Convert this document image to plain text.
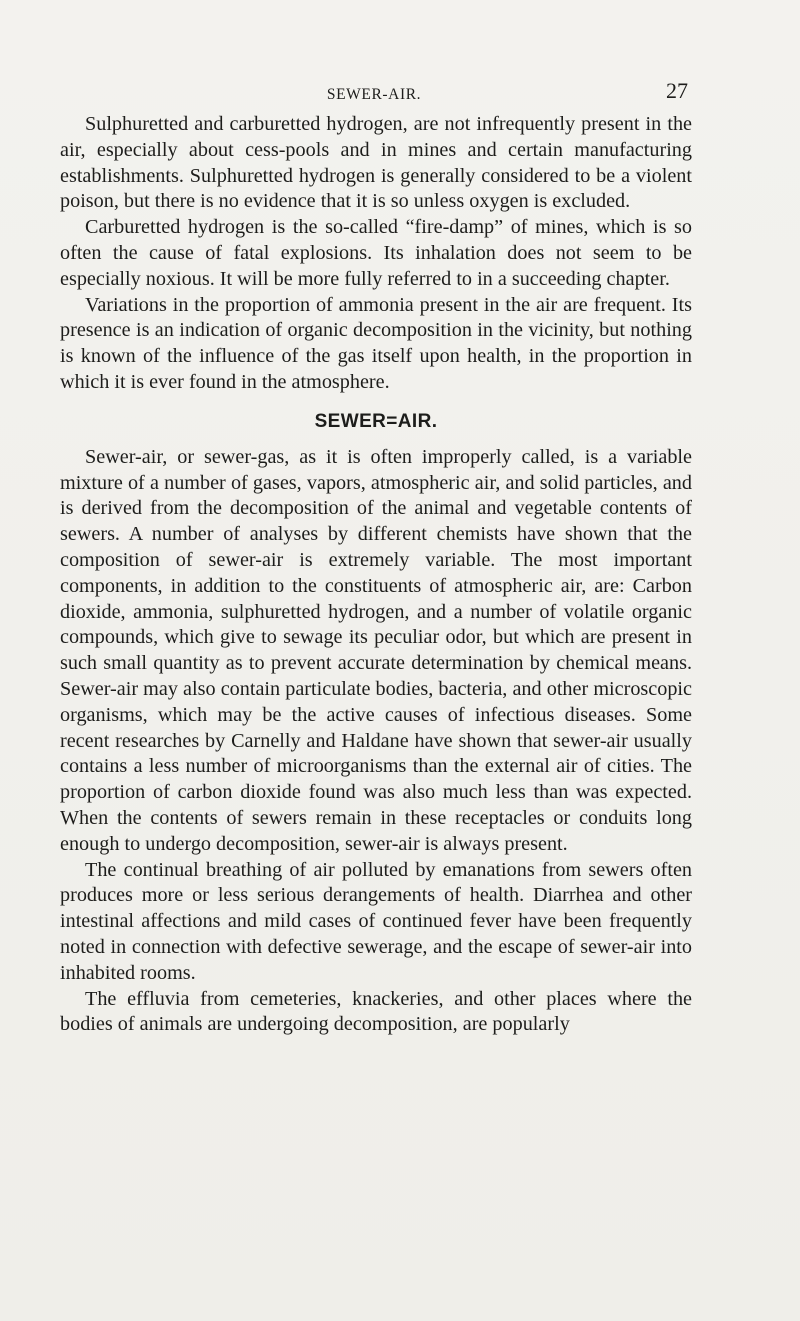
SEWER-AIR.	27

Sulphuretted and carburetted hydrogen, are not infrequently present in the air, especially about cess-pools and in mines and certain manufacturing establishments. Sulphuretted hydrogen is generally considered to be a violent poison, but there is no evidence that it is so unless oxygen is excluded.

Carburetted hydrogen is the so-called “fire-damp” of mines, which is so often the cause of fatal explosions. Its inhalation does not seem to be especially noxious. It will be more fully referred to in a succeeding chapter.

Variations in the proportion of ammonia present in the air are frequent. Its presence is an indication of organic decomposition in the vicinity, but nothing is known of the influence of the gas itself upon health, in the proportion in which it is ever found in the atmosphere.

SEWER=AIR.

Sewer-air, or sewer-gas, as it is often improperly called, is a variable mixture of a number of gases, vapors, atmospheric air, and solid particles, and is derived from the decomposition of the animal and vegetable contents of sewers. A number of analyses by different chemists have shown that the composition of sewer-air is extremely variable. The most important components, in addition to the constituents of atmospheric air, are: Carbon dioxide, ammonia, sulphuretted hydrogen, and a number of volatile organic compounds, which give to sewage its peculiar odor, but which are present in such small quantity as to prevent accurate determination by chemical means. Sewer-air may also contain particulate bodies, bacteria, and other microscopic organisms, which may be the active causes of infectious diseases. Some recent researches by Carnelly and Haldane have shown that sewer-air usually contains a less number of microorganisms than the external air of cities. The proportion of carbon dioxide found was also much less than was expected. When the contents of sewers remain in these receptacles or conduits long enough to undergo decomposition, sewer-air is always present.

The continual breathing of air polluted by emanations from sewers often produces more or less serious derangements of health. Diarrhea and other intestinal affections and mild cases of continued fever have been frequently noted in connection with defective sewerage, and the escape of sewer-air into inhabited rooms.

The effluvia from cemeteries, knackeries, and other places where the bodies of animals are undergoing decomposition, are popularly
